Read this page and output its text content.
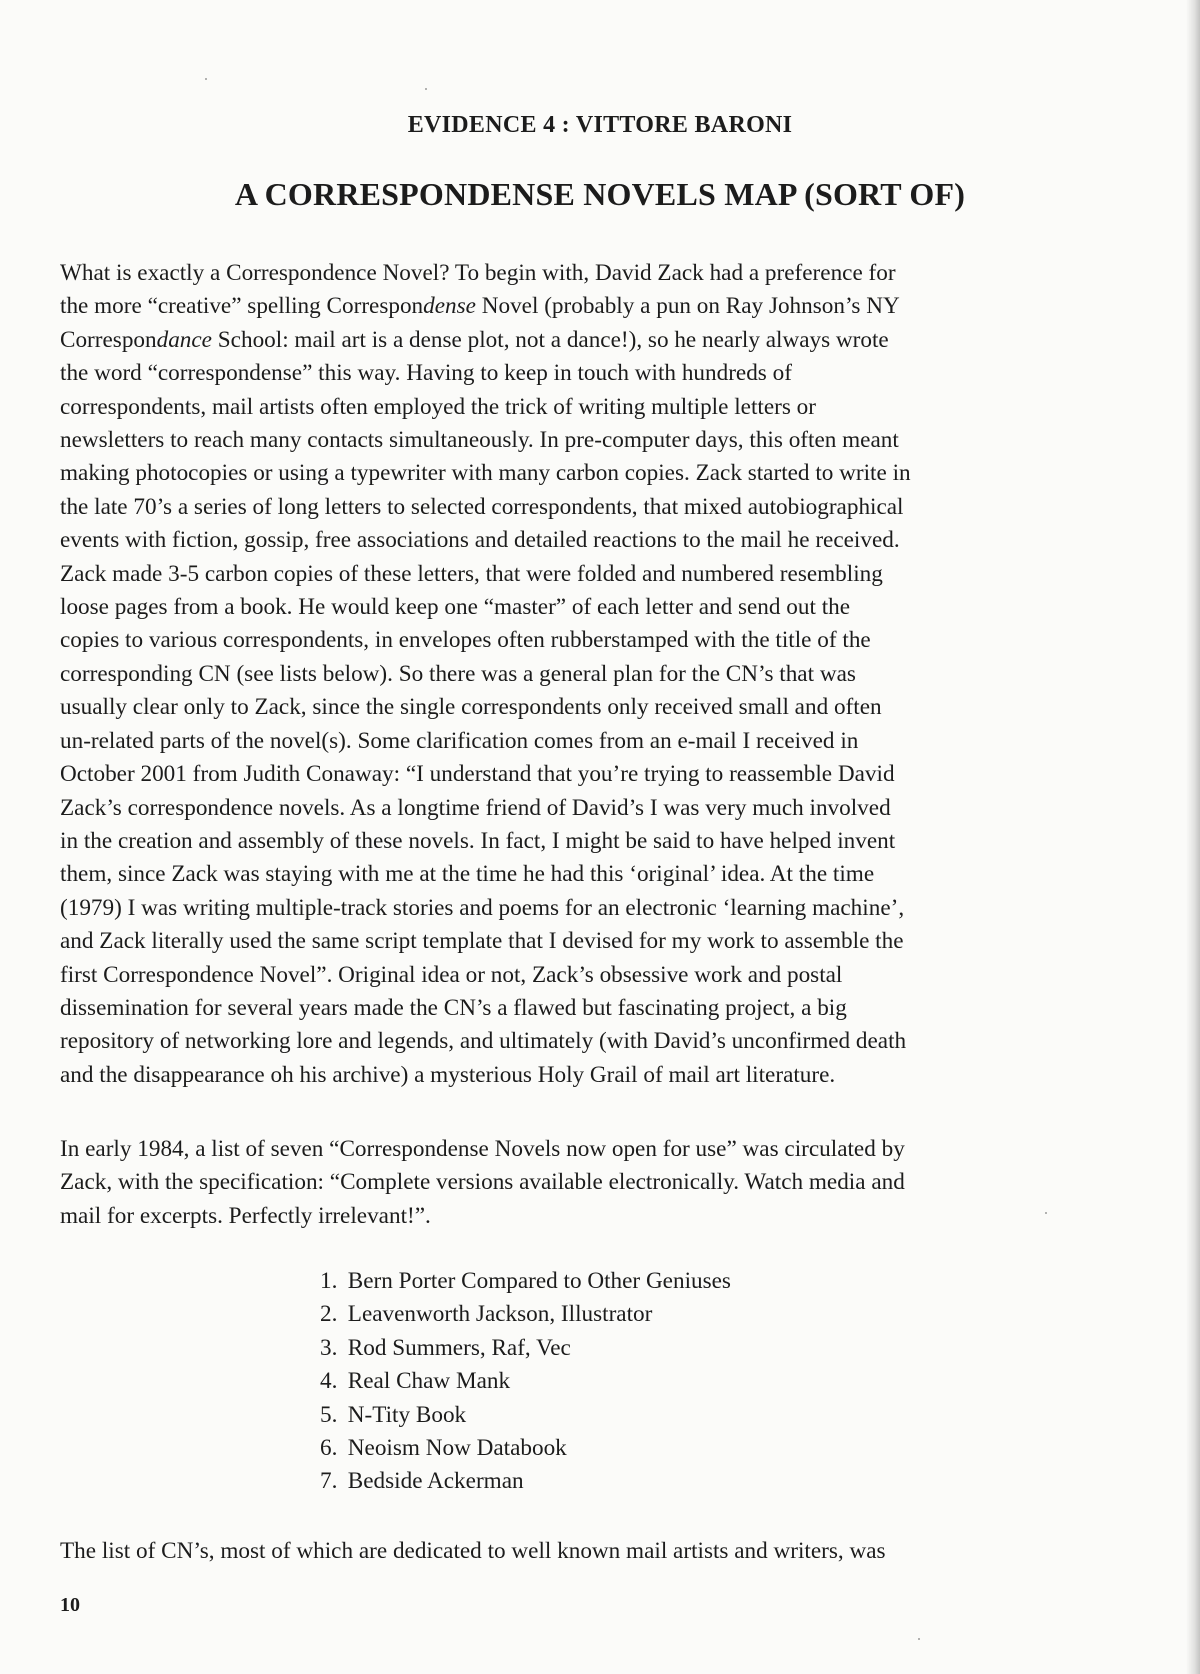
EVIDENCE 4 : VITTORE BARONI
A CORRESPONDENSE NOVELS MAP (SORT OF)
What is exactly a Correspondence Novel? To begin with, David Zack had a preference for
the more “creative” spelling Correspondense Novel (probably a pun on Ray Johnson’s NY
Correspondance School: mail art is a dense plot, not a dance!), so he nearly always wrote
the word “correspondense” this way. Having to keep in touch with hundreds of
correspondents, mail artists often employed the trick of writing multiple letters or
newsletters to reach many contacts simultaneously. In pre-computer days, this often meant
making photocopies or using a typewriter with many carbon copies. Zack started to write in
the late 70’s a series of long letters to selected correspondents, that mixed autobiographical
events with fiction, gossip, free associations and detailed reactions to the mail he received.
Zack made 3-5 carbon copies of these letters, that were folded and numbered resembling
loose pages from a book. He would keep one “master” of each letter and send out the
copies to various correspondents, in envelopes often rubberstamped with the title of the
corresponding CN (see lists below). So there was a general plan for the CN’s that was
usually clear only to Zack, since the single correspondents only received small and often
un-related parts of the novel(s). Some clarification comes from an e-mail I received in
October 2001 from Judith Conaway: “I understand that you’re trying to reassemble David
Zack’s correspondence novels. As a longtime friend of David’s I was very much involved
in the creation and assembly of these novels. In fact, I might be said to have helped invent
them, since Zack was staying with me at the time he had this ‘original’ idea. At the time
(1979) I was writing multiple-track stories and poems for an electronic ‘learning machine’,
and Zack literally used the same script template that I devised for my work to assemble the
first Correspondence Novel”. Original idea or not, Zack’s obsessive work and postal
dissemination for several years made the CN’s a flawed but fascinating project, a big
repository of networking lore and legends, and ultimately (with David’s unconfirmed death
and the disappearance oh his archive) a mysterious Holy Grail of mail art literature.
In early 1984, a list of seven “Correspondense Novels now open for use” was circulated by
Zack, with the specification: “Complete versions available electronically. Watch media and
mail for excerpts. Perfectly irrelevant!”.
1. Bern Porter Compared to Other Geniuses
2. Leavenworth Jackson, Illustrator
3. Rod Summers, Raf, Vec
4. Real Chaw Mank
5. N-Tity Book
6. Neoism Now Databook
7. Bedside Ackerman
The list of CN’s, most of which are dedicated to well known mail artists and writers, was
10
